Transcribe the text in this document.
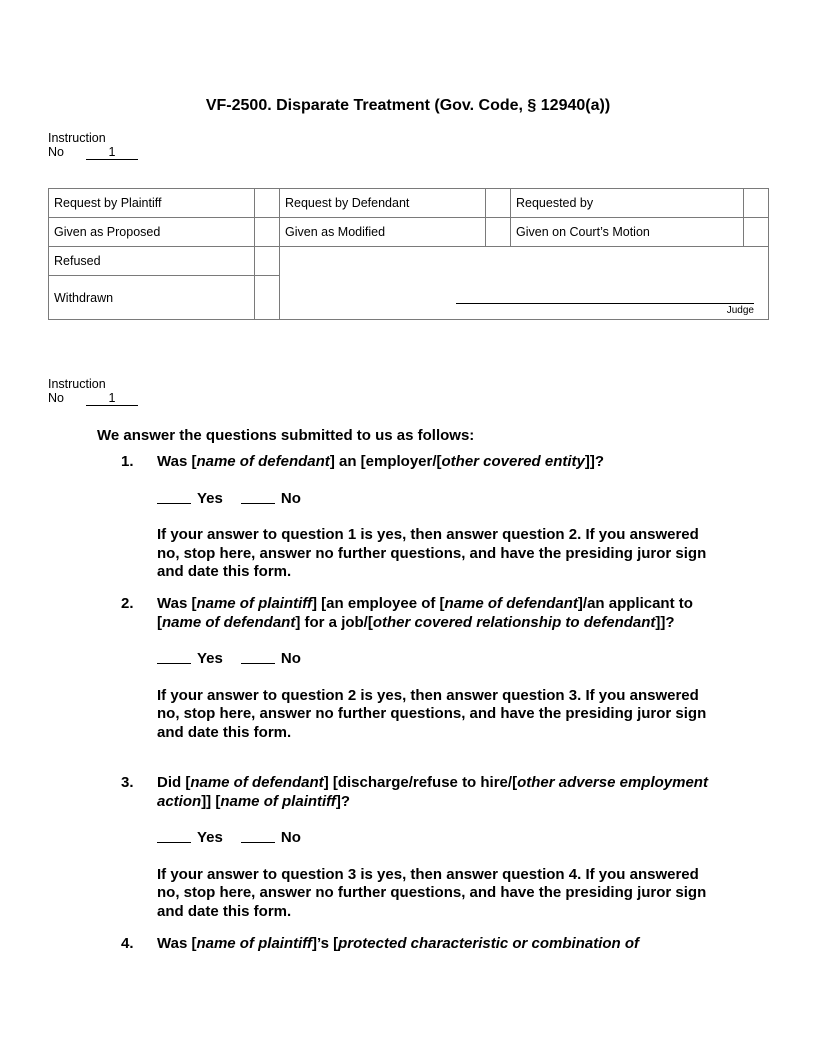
VF-2500. Disparate Treatment (Gov. Code, § 12940(a))
Instruction
No	1
Request by Plaintiff		Request by Defendant		Requested by	
Given as Proposed		Given as Modified		Given on Court’s Motion	
Refused		Judge			

Withdrawn					
Instruction
No	1
We answer the questions submitted to us as follows:
1. Was [name of defendant] an [employer/[other covered entity]]?
Yes	No
If your answer to question 1 is yes, then answer question 2. If you answered no, stop here, answer no further questions, and have the presiding juror sign and date this form.
2. Was [name of plaintiff] [an employee of [name of defendant]/an applicant to [name of defendant] for a job/[other covered relationship to defendant]]?
Yes	No
If your answer to question 2 is yes, then answer question 3. If you answered no, stop here, answer no further questions, and have the presiding juror sign and date this form.
3. Did [name of defendant] [discharge/refuse to hire/[other adverse employment action]] [name of plaintiff]?
Yes	No
If your answer to question 3 is yes, then answer question 4. If you answered no, stop here, answer no further questions, and have the presiding juror sign and date this form.
4. Was [name of plaintiff]’s [protected characteristic or combination of
